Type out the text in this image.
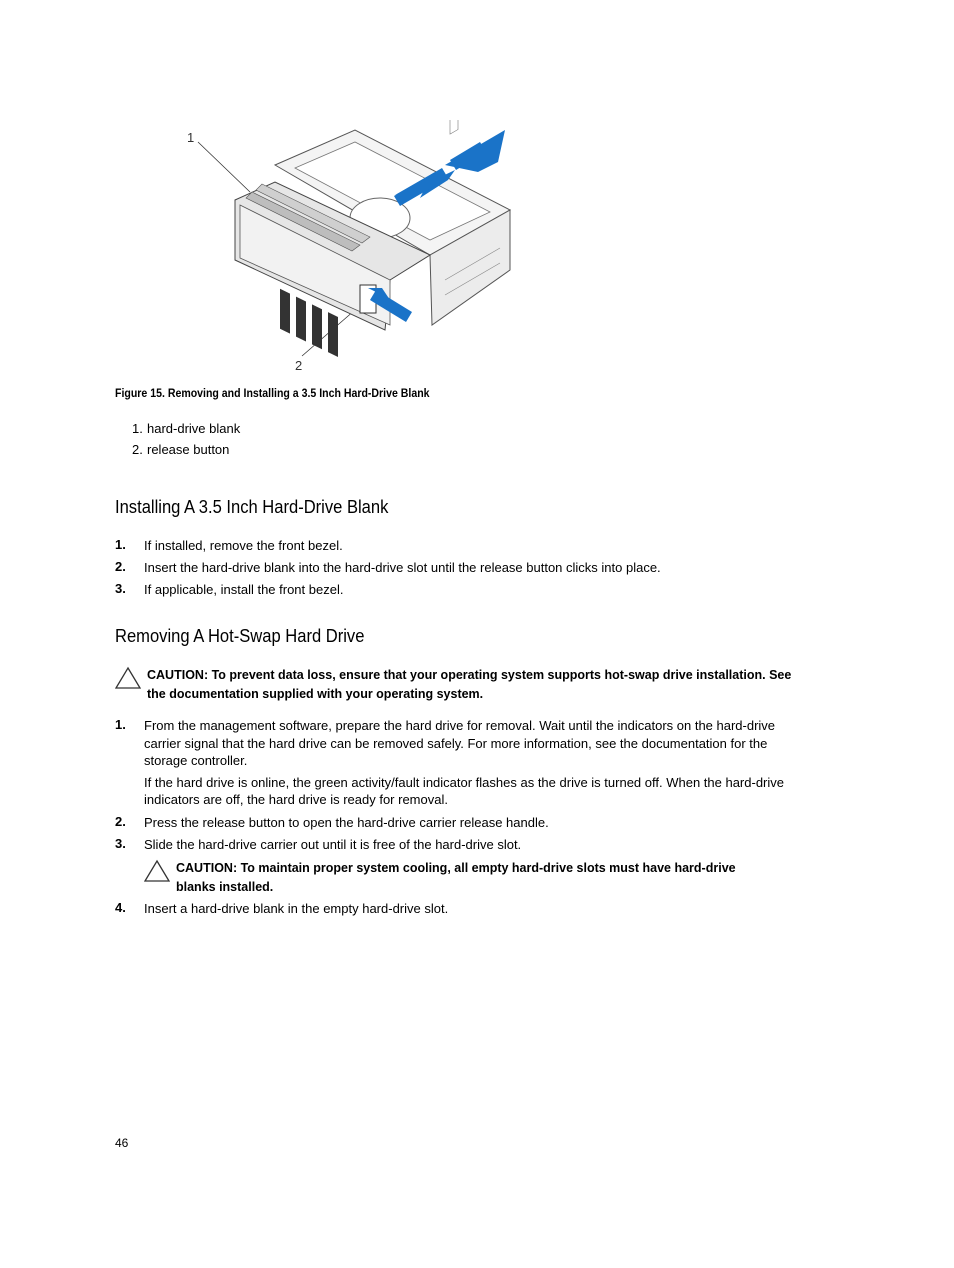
1
2
Figure 15. Removing and Installing a 3.5 Inch Hard-Drive Blank
1. hard-drive blank
2. release button
Installing A 3.5 Inch Hard-Drive Blank
1.	If installed, remove the front bezel.
2.	Insert the hard-drive blank into the hard-drive slot until the release button clicks into place.
3.	If applicable, install the front bezel.
Removing A Hot-Swap Hard Drive
CAUTION: To prevent data loss, ensure that your operating system supports hot-swap drive installation. See the documentation supplied with your operating system.
1.	From the management software, prepare the hard drive for removal. Wait until the indicators on the hard-drive carrier signal that the hard drive can be removed safely. For more information, see the documentation for the storage controller.
If the hard drive is online, the green activity/fault indicator flashes as the drive is turned off. When the hard-drive indicators are off, the hard drive is ready for removal.
2.	Press the release button to open the hard-drive carrier release handle.
3.	Slide the hard-drive carrier out until it is free of the hard-drive slot.
CAUTION: To maintain proper system cooling, all empty hard-drive slots must have hard-drive blanks installed.
4.	Insert a hard-drive blank in the empty hard-drive slot.
46
